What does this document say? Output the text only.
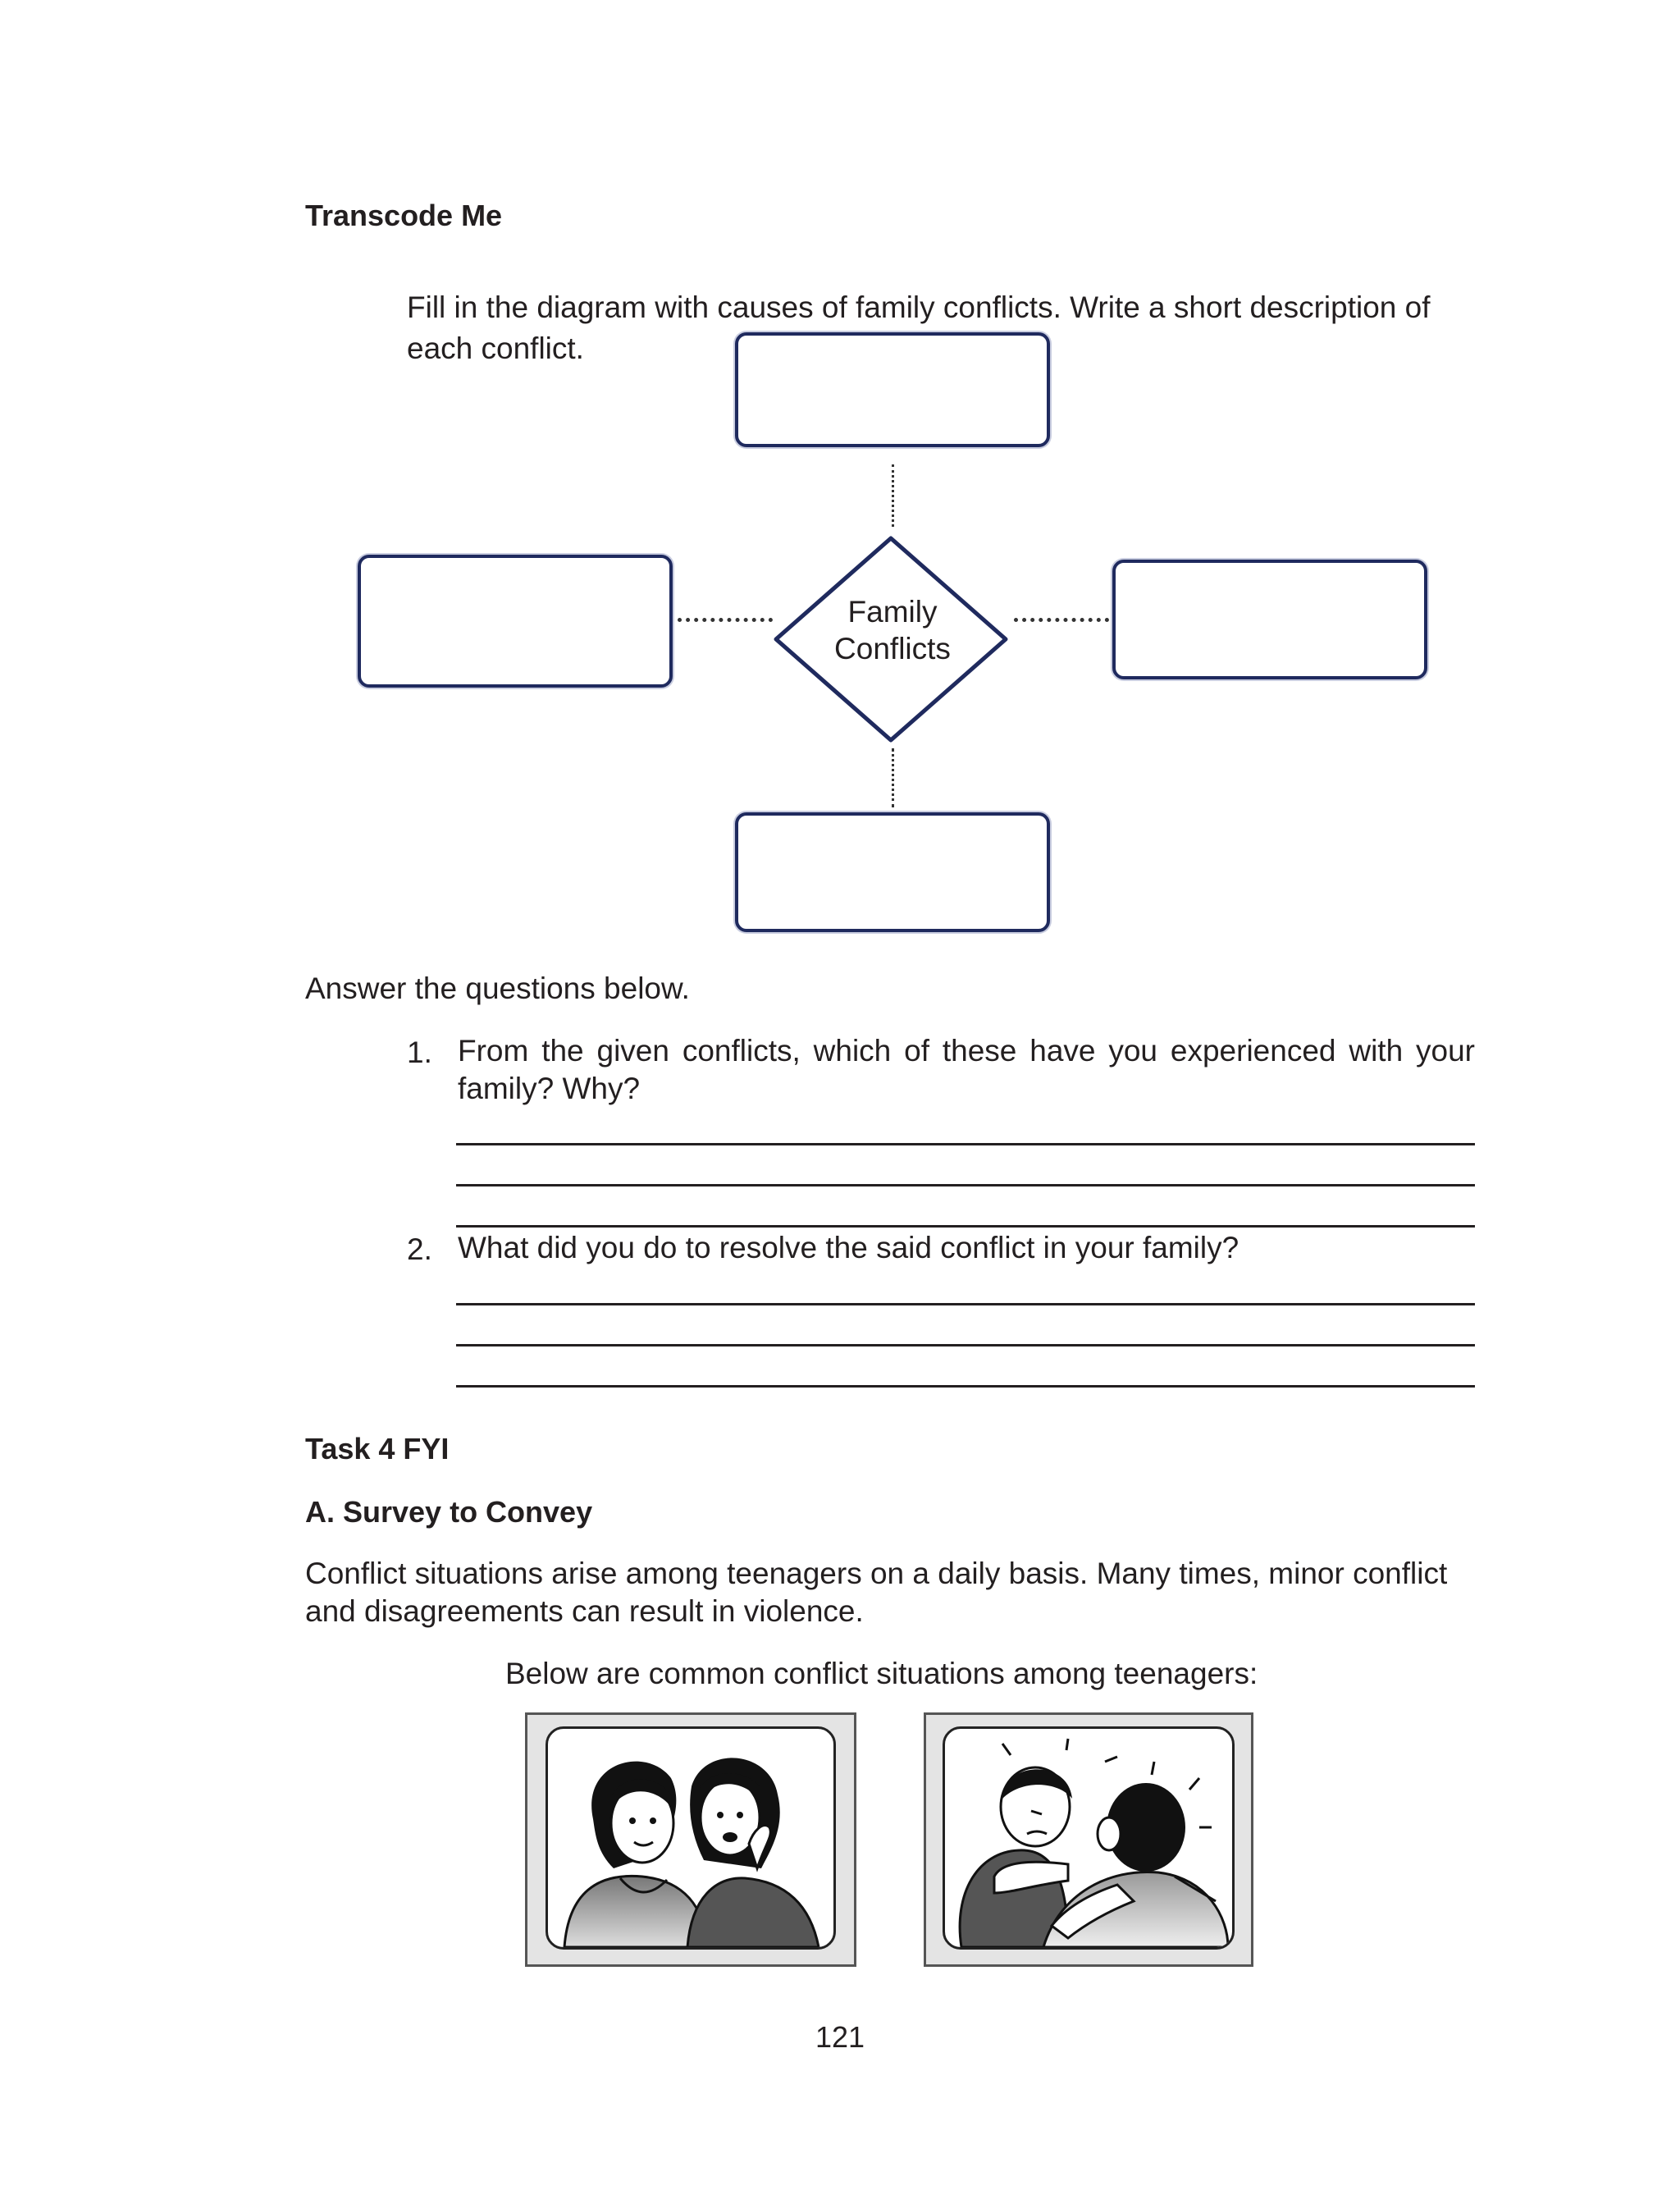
Transcode Me
Fill in the diagram with causes of family conflicts. Write a short description of
each conflict.
Family
Conflicts
Answer the questions below.
1. From the given conflicts, which of these have you experienced with your
family? Why?
2. What did you do to resolve the said conflict in your family?
Task 4 FYI
A. Survey to Convey
Conflict situations arise among teenagers on a daily basis. Many times, minor conflict
and disagreements can result in violence.
Below are common conflict situations among teenagers:
121
